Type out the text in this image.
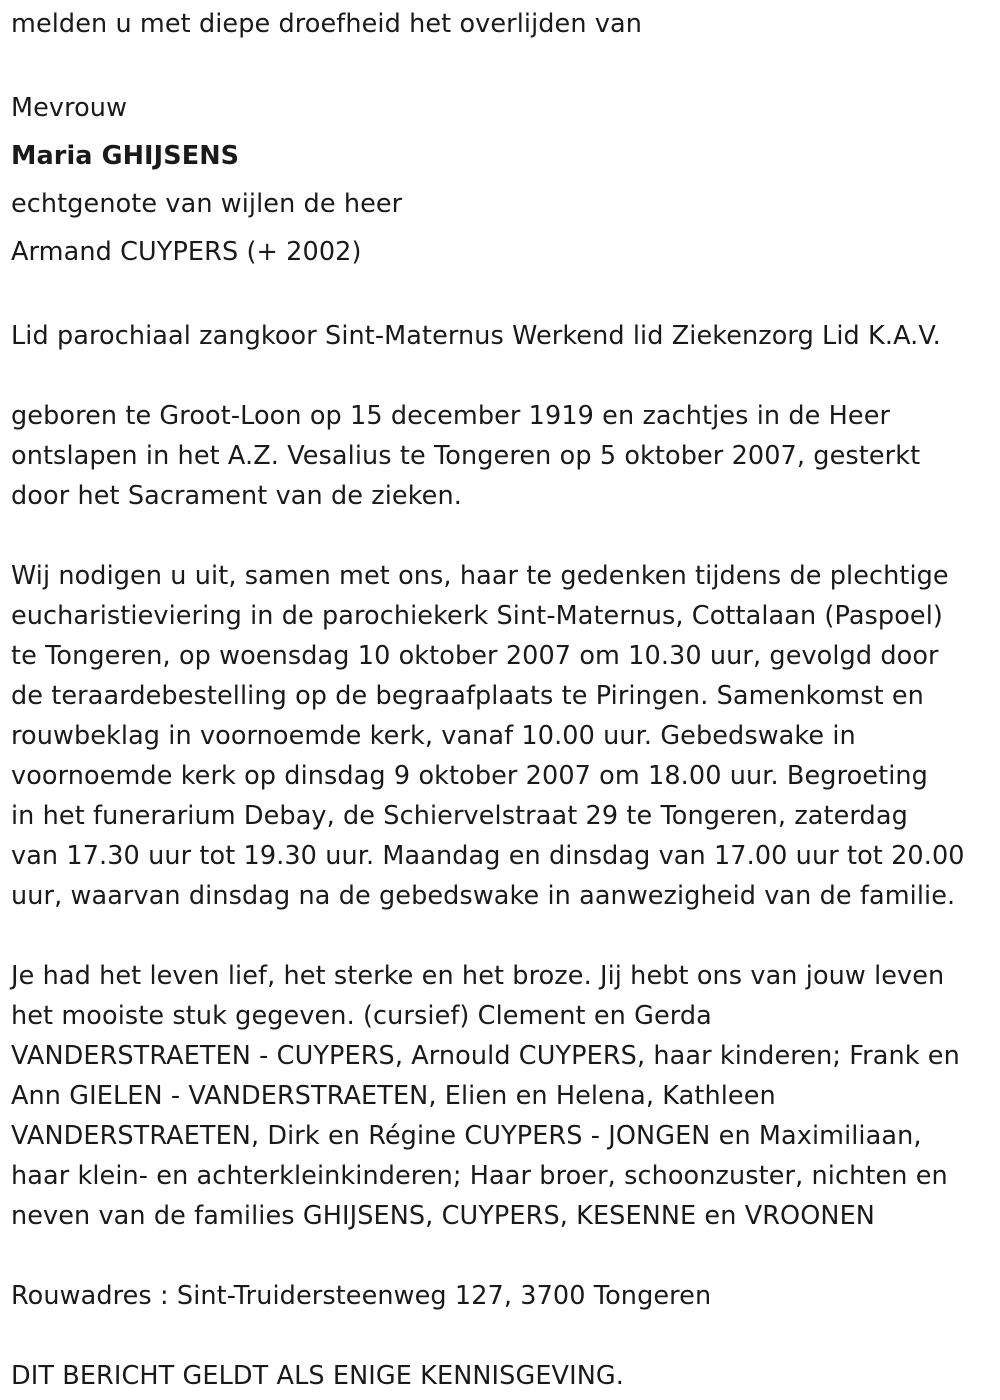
melden u met diepe droefheid het overlijden van

Mevrouw

Maria GHIJSENS

echtgenote van wijlen de heer

Armand CUYPERS (+ 2002)

Lid parochiaal zangkoor Sint-Maternus Werkend lid Ziekenzorg Lid K.A.V.

geboren te Groot-Loon op 15 december 1919 en zachtjes in de Heer

ontslapen in het A.Z. Vesalius te Tongeren op 5 oktober 2007, gesterkt

door het Sacrament van de zieken.

Wij nodigen u uit, samen met ons, haar te gedenken tijdens de plechtige

eucharistieviering in de parochiekerk Sint-Maternus, Cottalaan (Paspoel)

te Tongeren, op woensdag 10 oktober 2007 om 10.30 uur, gevolgd door

de teraardebestelling op de begraafplaats te Piringen. Samenkomst en

rouwbeklag in voornoemde kerk, vanaf 10.00 uur. Gebedswake in

voornoemde kerk op dinsdag 9 oktober 2007 om 18.00 uur. Begroeting

in het funerarium Debay, de Schiervelstraat 29 te Tongeren, zaterdag

van 17.30 uur tot 19.30 uur. Maandag en dinsdag van 17.00 uur tot 20.00

uur, waarvan dinsdag na de gebedswake in aanwezigheid van de familie.

Je had het leven lief, het sterke en het broze. Jij hebt ons van jouw leven

het mooiste stuk gegeven. (cursief) Clement en Gerda

VANDERSTRAETEN - CUYPERS, Arnould CUYPERS, haar kinderen; Frank en

Ann GIELEN - VANDERSTRAETEN, Elien en Helena, Kathleen

VANDERSTRAETEN, Dirk en Régine CUYPERS - JONGEN en Maximiliaan,

haar klein- en achterkleinkinderen; Haar broer, schoonzuster, nichten en

neven van de families GHIJSENS, CUYPERS, KESENNE en VROONEN

Rouwadres : Sint-Truidersteenweg 127, 3700 Tongeren

DIT BERICHT GELDT ALS ENIGE KENNISGEVING.
